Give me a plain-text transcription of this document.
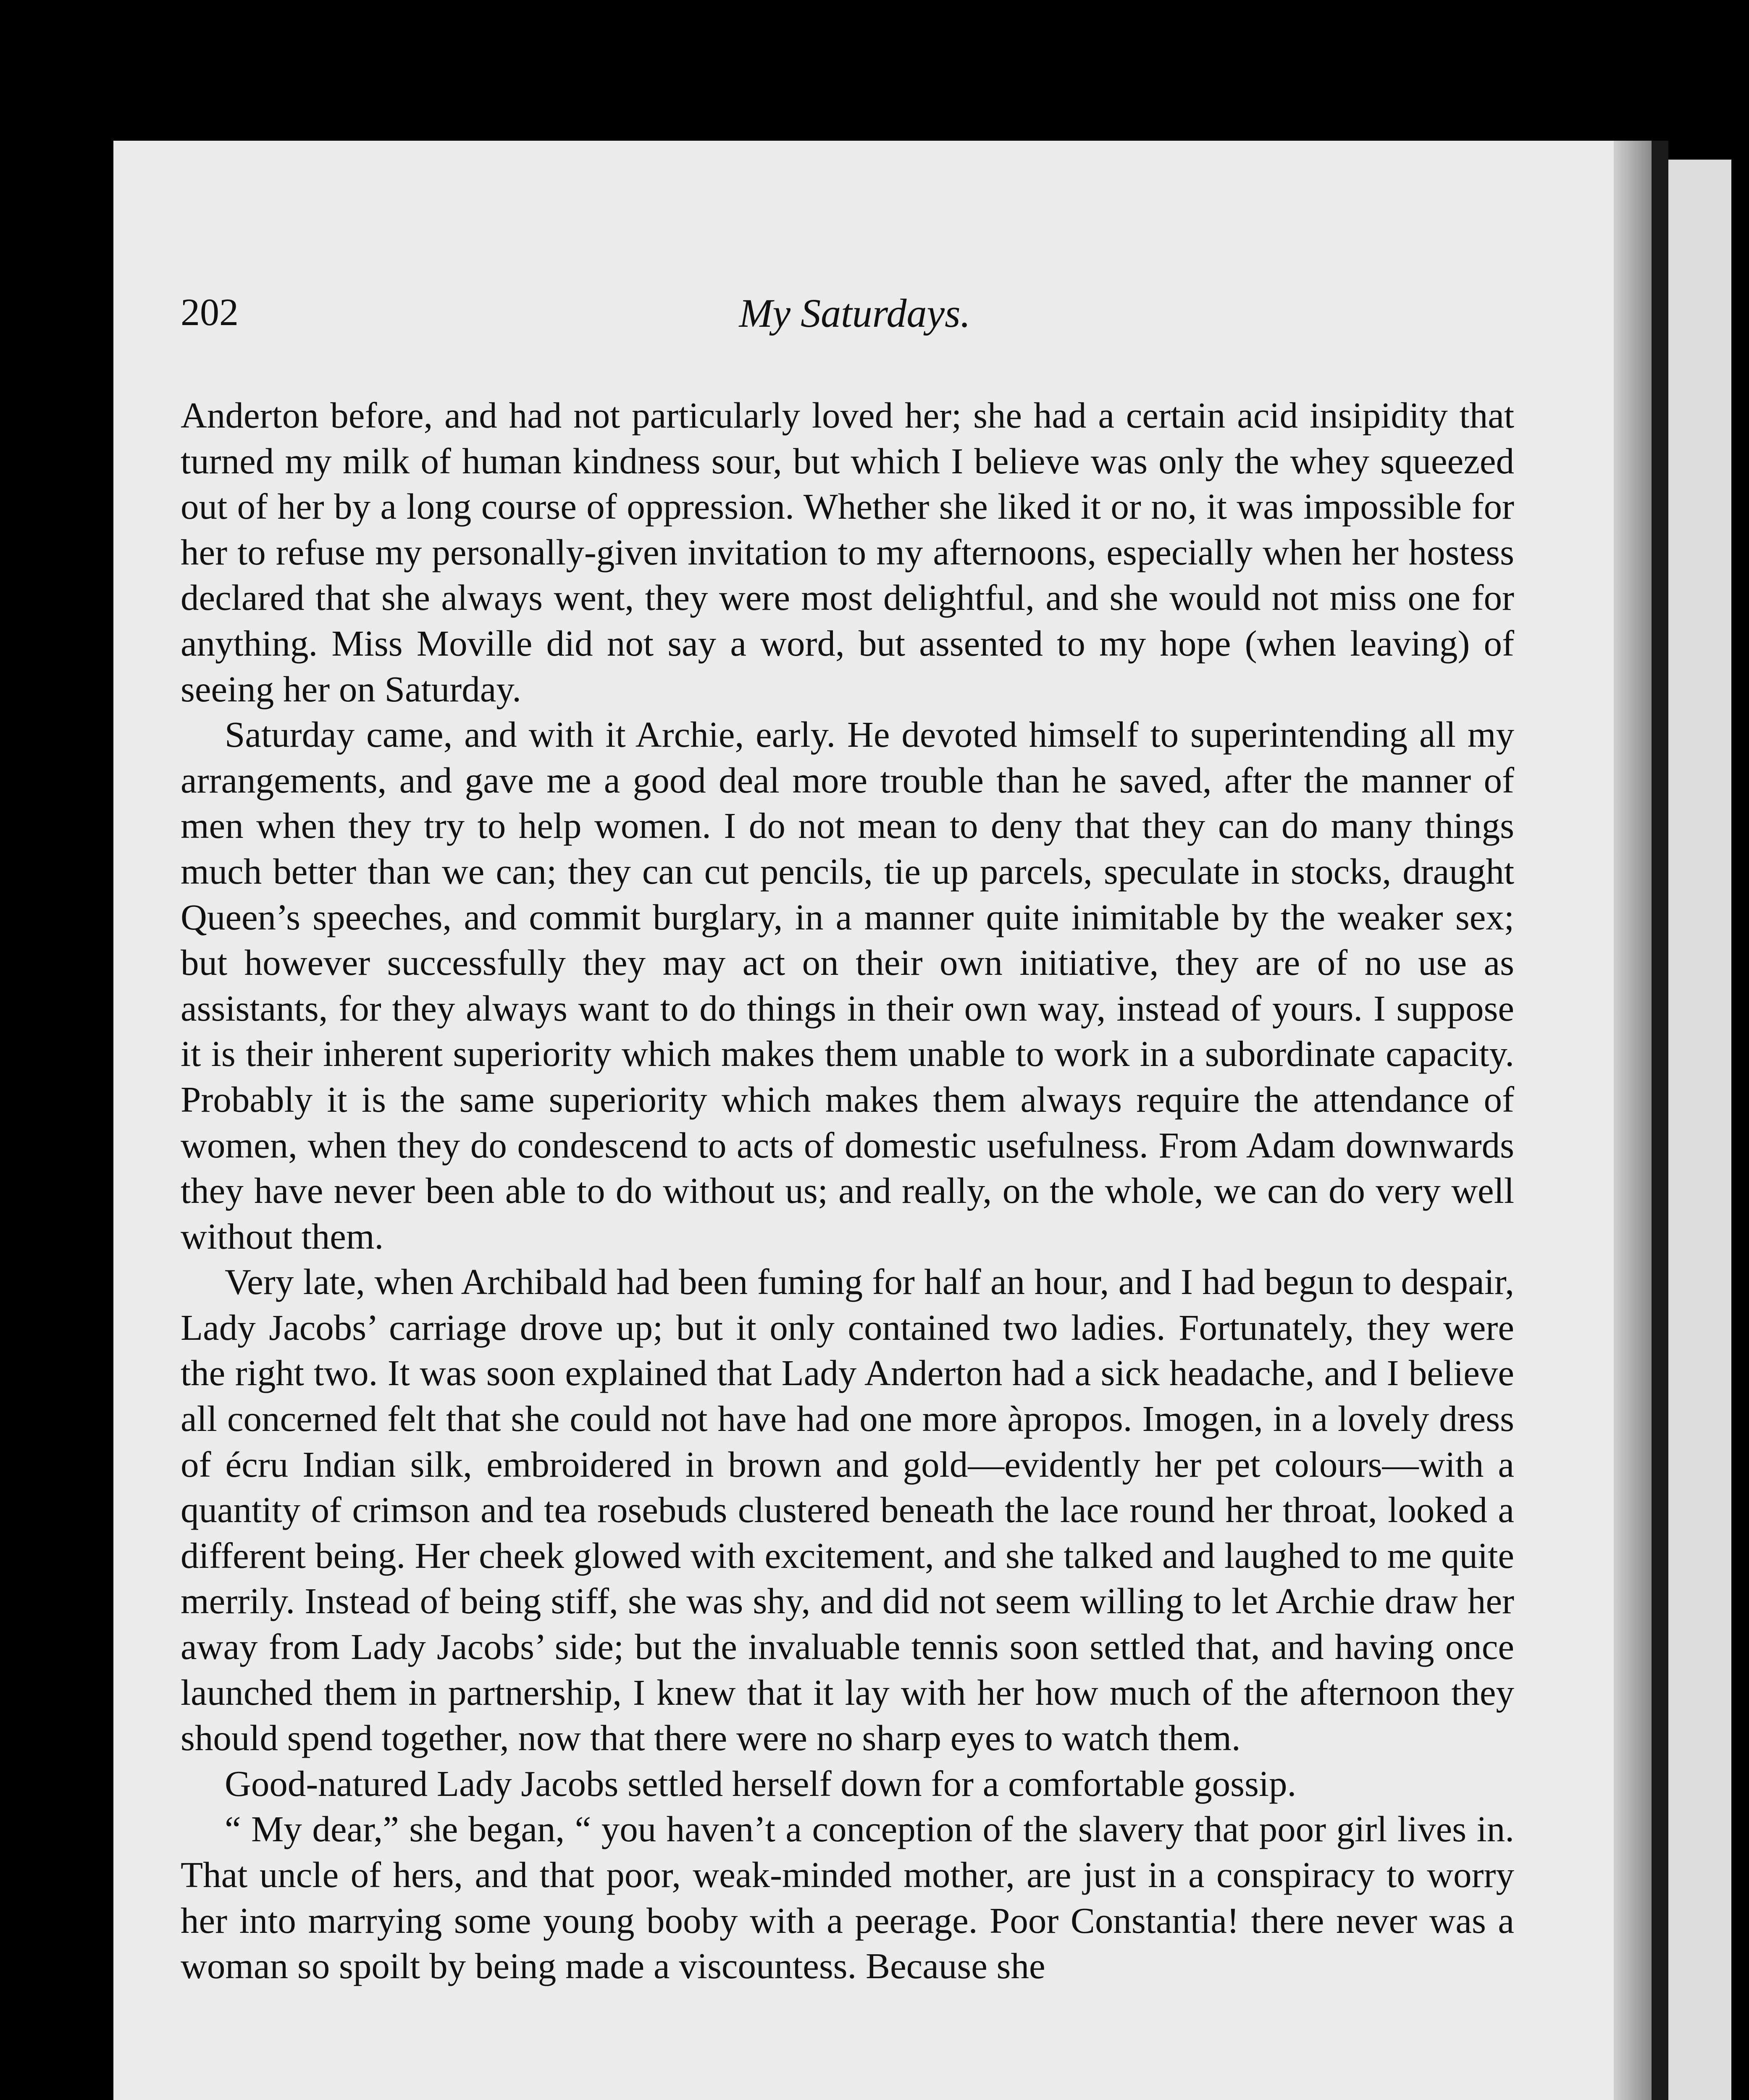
202	My Saturdays.

Anderton before, and had not particularly loved her; she had a certain acid insipidity that turned my milk of human kindness sour, but which I believe was only the whey squeezed out of her by a long course of oppression. Whether she liked it or no, it was impossible for her to refuse my personally-given invitation to my afternoons, especially when her hostess declared that she always went, they were most delightful, and she would not miss one for anything. Miss Moville did not say a word, but assented to my hope (when leaving) of seeing her on Saturday.

Saturday came, and with it Archie, early. He devoted himself to superintending all my arrangements, and gave me a good deal more trouble than he saved, after the manner of men when they try to help women. I do not mean to deny that they can do many things much better than we can; they can cut pencils, tie up parcels, speculate in stocks, draught Queen’s speeches, and commit burglary, in a manner quite inimitable by the weaker sex; but however successfully they may act on their own initiative, they are of no use as assistants, for they always want to do things in their own way, instead of yours. I suppose it is their inherent superiority which makes them unable to work in a subordinate capacity. Probably it is the same superiority which makes them always require the attendance of women, when they do condescend to acts of domestic usefulness. From Adam downwards they have never been able to do without us; and really, on the whole, we can do very well without them.

Very late, when Archibald had been fuming for half an hour, and I had begun to despair, Lady Jacobs’ carriage drove up; but it only contained two ladies. Fortunately, they were the right two. It was soon explained that Lady Anderton had a sick headache, and I believe all concerned felt that she could not have had one more àpropos. Imogen, in a lovely dress of écru Indian silk, embroidered in brown and gold—evidently her pet colours—with a quantity of crimson and tea rosebuds clustered beneath the lace round her throat, looked a different being. Her cheek glowed with excitement, and she talked and laughed to me quite merrily. Instead of being stiff, she was shy, and did not seem willing to let Archie draw her away from Lady Jacobs’ side; but the invaluable tennis soon settled that, and having once launched them in partnership, I knew that it lay with her how much of the afternoon they should spend together, now that there were no sharp eyes to watch them.

Good-natured Lady Jacobs settled herself down for a comfortable gossip.

“ My dear,” she began, “ you haven’t a conception of the slavery that poor girl lives in. That uncle of hers, and that poor, weak-minded mother, are just in a conspiracy to worry her into marrying some young booby with a peerage. Poor Constantia! there never was a woman so spoilt by being made a viscountess. Because she
